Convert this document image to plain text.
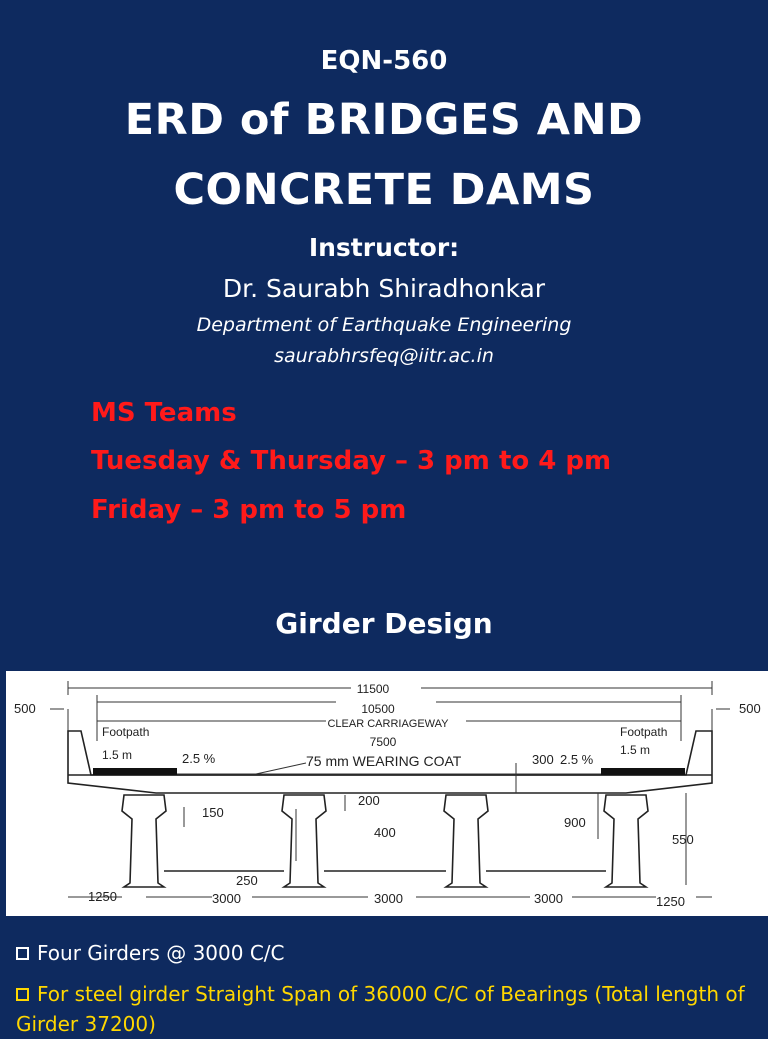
EQN-560
ERD of BRIDGES AND
CONCRETE DAMS
Instructor:
Dr. Saurabh Shiradhonkar
Department of Earthquake Engineering
saurabhrsfeq@iitr.ac.in
MS Teams
Tuesday & Thursday – 3 pm to 4 pm
Friday – 3 pm to 5 pm
Girder Design
11500
10500
CLEAR CARRIAGEWAY
7500
500	500
Footpath
1.5 m
Footpath
1.5 m
2.5 %	2.5 %
75 mm WEARING COAT	300
200
150
400
900
550
250
1250	1250
3000	3000	3000
Four Girders @ 3000 C/C
For steel girder Straight Span of 36000 C/C of Bearings (Total length of Girder 37200)
